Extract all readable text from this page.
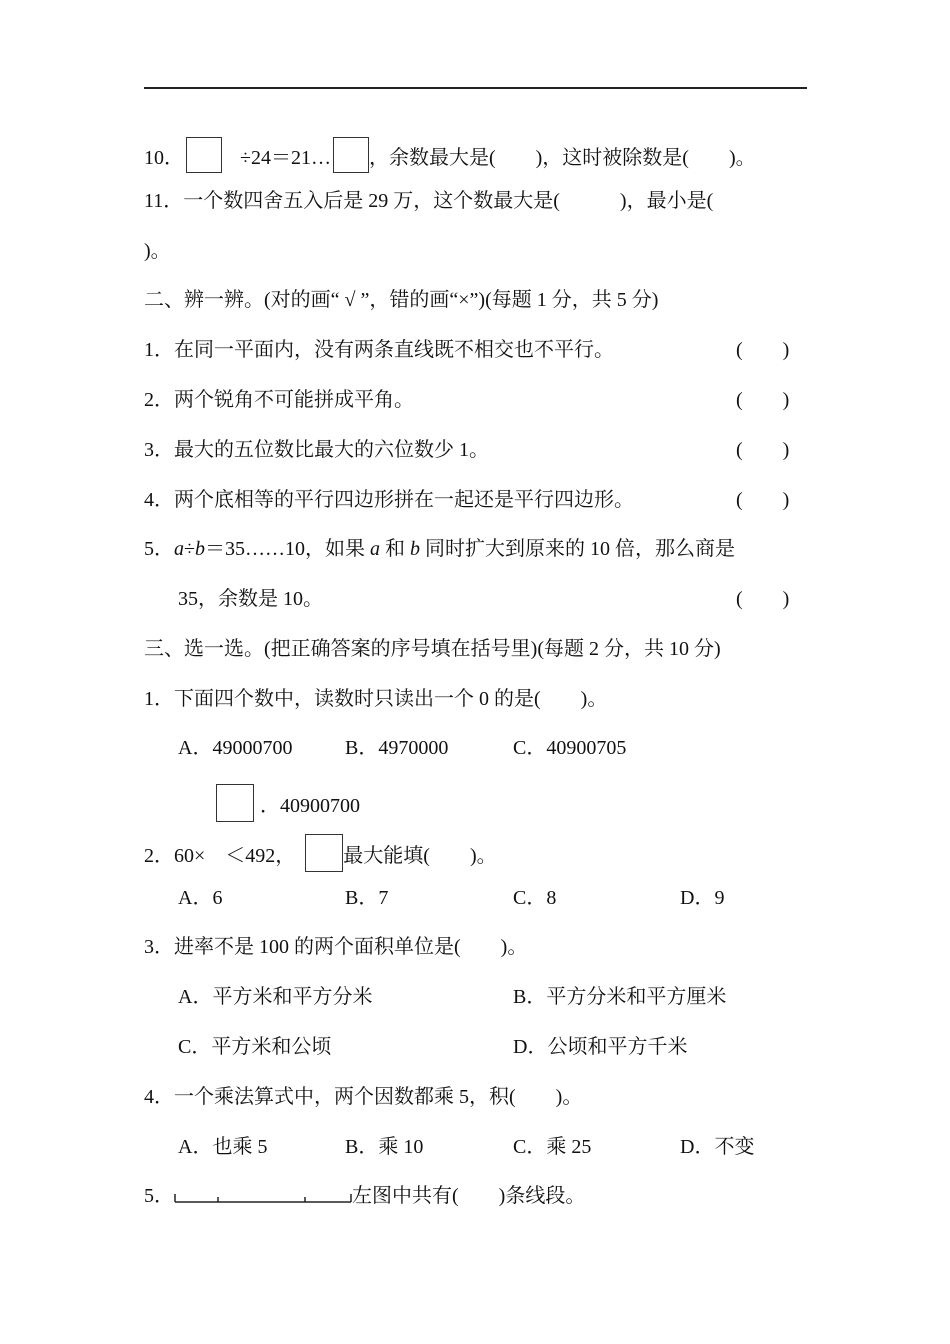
10．	÷24＝21… ，余数最大是(　　)，这时被除数是(　　)。
11．一个数四舍五入后是 29 万，这个数最大是(　　　)，最小是(
)。
二、辨一辨。(对的画“ √ ”，错的画“×”)(每题 1 分，共 5 分)
1．在同一平面内，没有两条直线既不相交也不平行。	(　　)
2．两个锐角不可能拼成平角。	(　　)
3．最大的五位数比最大的六位数少 1。	(　　)
4．两个底相等的平行四边形拼在一起还是平行四边形。	(　　)
5．a÷b＝35……10，如果 a 和 b 同时扩大到原来的 10 倍，那么商是
35，余数是 10。	(　　)
三、选一选。(把正确答案的序号填在括号里)(每题 2 分，共 10 分)
1．下面四个数中，读数时只读出一个 0 的是(　　)。
A．49000700	B．4970000	C．40900705
．40900700
2．60×　＜492， 最大能填(　　)。
A．6	B．7	C．8	D．9
3．进率不是 100 的两个面积单位是(　　)。
A．平方米和平方分米	B．平方分米和平方厘米
C．平方米和公顷	D．公顷和平方千米
4．一个乘法算式中，两个因数都乘 5，积(　　)。
A．也乘 5	B．乘 10	C．乘 25	D．不变
5．	左图中共有(　　)条线段。
